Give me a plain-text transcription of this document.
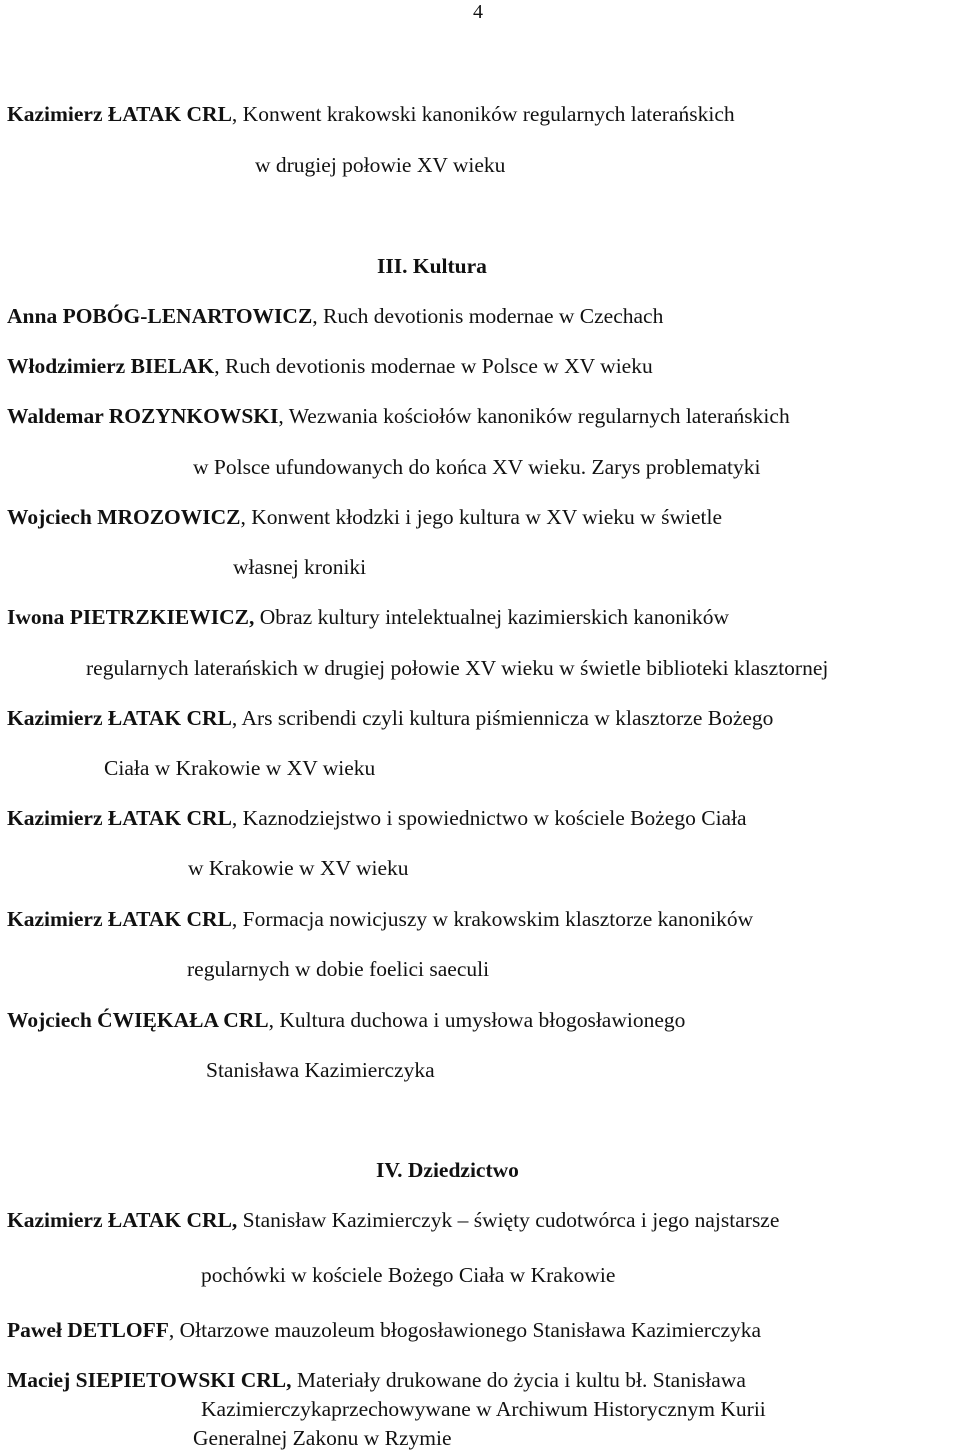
4
Kazimierz ŁATAK CRL, Konwent krakowski kanoników regularnych laterańskich
w drugiej połowie XV wieku
III. Kultura
Anna POBÓG-LENARTOWICZ, Ruch devotionis modernae w Czechach
Włodzimierz BIELAK, Ruch devotionis modernae w Polsce w XV wieku
Waldemar ROZYNKOWSKI, Wezwania kościołów kanoników regularnych laterańskich
w Polsce ufundowanych do końca XV wieku. Zarys problematyki
Wojciech MROZOWICZ, Konwent kłodzki i jego kultura w XV wieku w świetle
własnej kroniki
Iwona PIETRZKIEWICZ, Obraz kultury intelektualnej kazimierskich kanoników
regularnych laterańskich w drugiej połowie XV wieku w świetle biblioteki klasztornej
Kazimierz ŁATAK CRL, Ars scribendi czyli kultura piśmiennicza w klasztorze Bożego
Ciała w Krakowie w XV wieku
Kazimierz ŁATAK CRL, Kaznodziejstwo i spowiednictwo w kościele Bożego Ciała
w Krakowie w XV wieku
Kazimierz ŁATAK CRL, Formacja nowicjuszy w krakowskim klasztorze kanoników
regularnych w dobie foelici saeculi
Wojciech ĆWIĘKAŁA CRL, Kultura duchowa i umysłowa błogosławionego
Stanisława Kazimierczyka
IV. Dziedzictwo
Kazimierz ŁATAK CRL, Stanisław Kazimierczyk – święty cudotwórca i jego najstarsze
pochówki w kościele Bożego Ciała w Krakowie
Paweł DETLOFF, Ołtarzowe mauzoleum błogosławionego Stanisława Kazimierczyka
Maciej SIEPIETOWSKI CRL, Materiały drukowane do życia i kultu bł. Stanisława
Kazimierczykaprzechowywane w Archiwum Historycznym Kurii
Generalnej Zakonu w Rzymie
